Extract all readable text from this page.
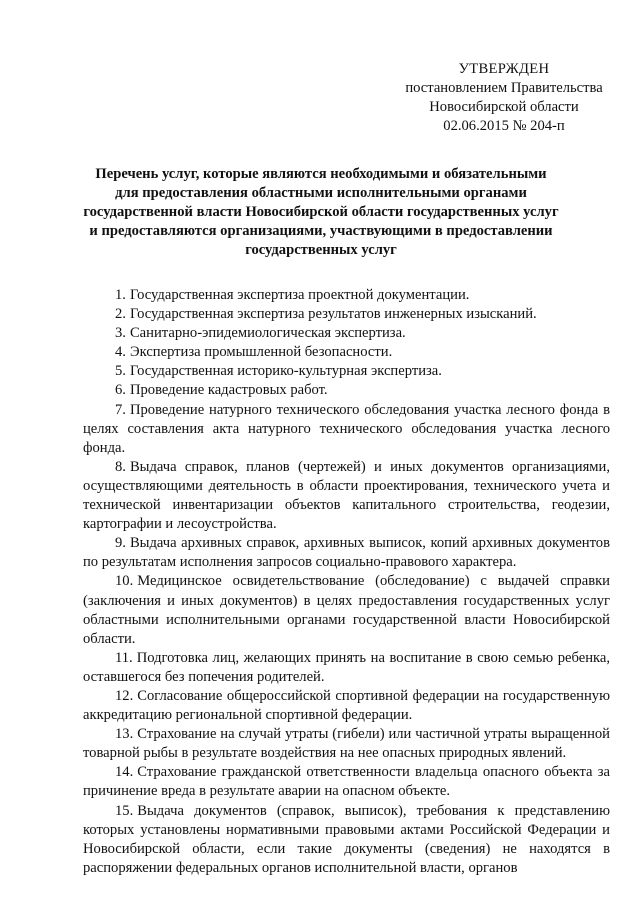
УТВЕРЖДЕН
постановлением Правительства
Новосибирской области
02.06.2015 № 204-п
Перечень услуг, которые являются необходимыми и обязательными
для предоставления областными исполнительными органами
государственной власти Новосибирской области государственных услуг
и предоставляются организациями, участвующими в предоставлении
государственных услуг

1. Государственная экспертиза проектной документации.

2. Государственная экспертиза результатов инженерных изысканий.

3. Санитарно-эпидемиологическая экспертиза.

4. Экспертиза промышленной безопасности.

5. Государственная историко-культурная экспертиза.

6. Проведение кадастровых работ.

7. Проведение натурного технического обследования участка лесного фонда в целях составления акта натурного технического обследования участка лесного фонда.

8. Выдача справок, планов (чертежей) и иных документов организациями, осуществляющими деятельность в области проектирования, технического учета и технической инвентаризации объектов капитального строительства, геодезии, картографии и лесоустройства.

9. Выдача архивных справок, архивных выписок, копий архивных документов по результатам исполнения запросов социально-правового характера.

10. Медицинское освидетельствование (обследование) с выдачей справки (заключения и иных документов) в целях предоставления государственных услуг областными исполнительными органами государственной власти Новосибирской области.

11. Подготовка лиц, желающих принять на воспитание в свою семью ребенка, оставшегося без попечения родителей.

12. Согласование общероссийской спортивной федерации на государственную аккредитацию региональной спортивной федерации.

13. Страхование на случай утраты (гибели) или частичной утраты выращенной товарной рыбы в результате воздействия на нее опасных природных явлений.

14. Страхование гражданской ответственности владельца опасного объекта за причинение вреда в результате аварии на опасном объекте.

15. Выдача документов (справок, выписок), требования к представлению которых установлены нормативными правовыми актами Российской Федерации и Новосибирской области, если такие документы (сведения) не находятся в распоряжении федеральных органов исполнительной власти, органов
